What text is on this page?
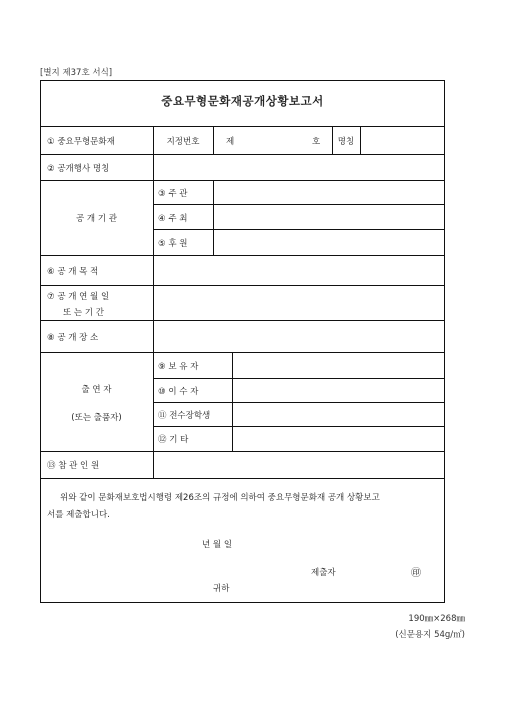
[별지 제37호 서식]
중요무형문화재공개상황보고서
① 중요무형문화재	지정번호	제	호	명칭
② 공개행사 명칭
공 개 기 관
③ 주 관
④ 주 최
⑤ 후 원
⑥ 공 개 목 적
⑦ 공 개 연 월 일
또 는 기 간
⑧ 공 개 장 소
출 연 자
(또는 출품자)
⑨ 보 유 자
⑩ 이 수 자
⑪ 전수장학생
⑫ 기 타
⑬ 참 관 인 원
위와 같이 문화재보호법시행령 제26조의 규정에 의하여 중요무형문화재 공개 상황보고
서를 제출합니다.
년 월 일
제출자	㊞
귀하
190㎜×268㎜
(신문용지 54g/㎡)
